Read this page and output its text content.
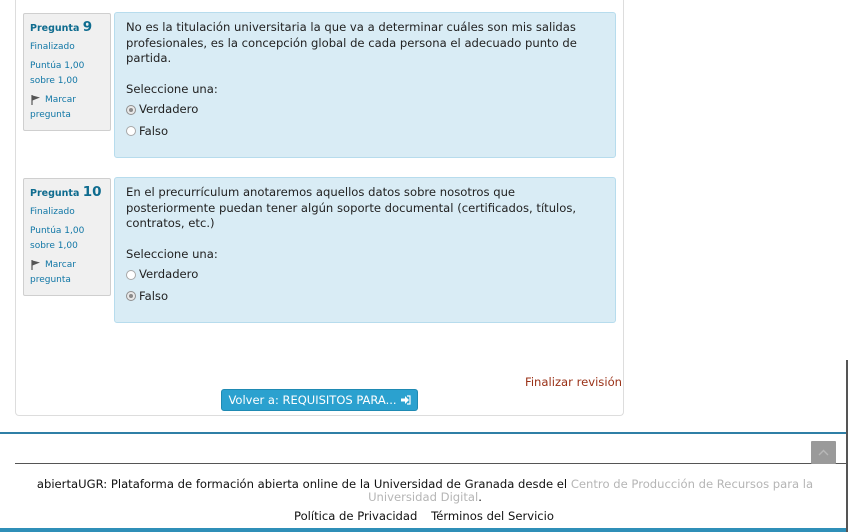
Pregunta 9
Finalizado
Puntúa 1,00
sobre 1,00
Marcar
pregunta
No es la titulación universitaria la que va a determinar cuáles son mis salidas profesionales, es la concepción global de cada persona el adecuado punto de partida.
Seleccione una:
Verdadero
Falso
Pregunta 10
Finalizado
Puntúa 1,00
sobre 1,00
Marcar
pregunta
En el precurrículum anotaremos aquellos datos sobre nosotros que posteriormente puedan tener algún soporte documental (certificados, títulos, contratos, etc.)
Seleccione una:
Verdadero
Falso
Finalizar revisión
Volver a: REQUISITOS PARA...
abiertaUGR: Plataforma de formación abierta online de la Universidad de Granada desde el Centro de Producción de Recursos para la Universidad Digital.
Política de Privacidad Términos del Servicio
